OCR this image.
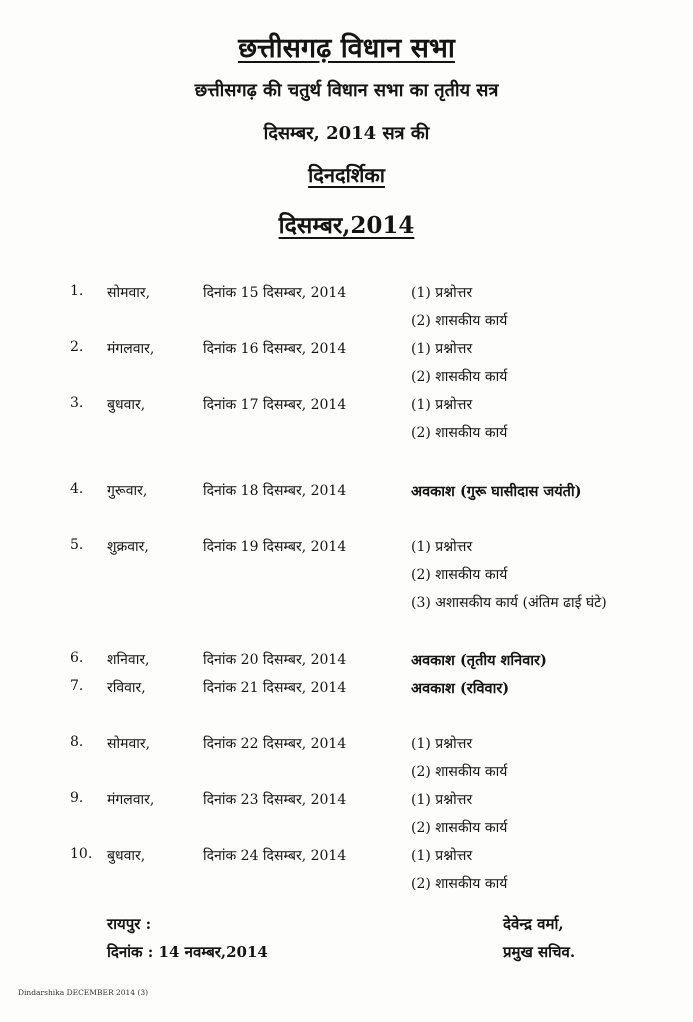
छत्तीसगढ़ विधान सभा
छत्तीसगढ़ की चतुर्थ विधान सभा का तृतीय सत्र
दिसम्बर, 2014 सत्र की
दिनदर्शिका
दिसम्बर,2014
1. सोमवार,	दिनांक 15 दिसम्बर, 2014	(1) प्रश्नोत्तर
(2) शासकीय कार्य
2. मंगलवार,	दिनांक 16 दिसम्बर, 2014	(1) प्रश्नोत्तर
(2) शासकीय कार्य
3. बुधवार,	दिनांक 17 दिसम्बर, 2014	(1) प्रश्नोत्तर
(2) शासकीय कार्य
4. गुरूवार,	दिनांक 18 दिसम्बर, 2014	अवकाश (गुरू घासीदास जयंती)
5. शुक्रवार,	दिनांक 19 दिसम्बर, 2014	(1) प्रश्नोत्तर
(2) शासकीय कार्य
(3) अशासकीय कार्य (अंतिम ढाई घंटे)
6. शनिवार,	दिनांक 20 दिसम्बर, 2014	अवकाश (तृतीय शनिवार)
7. रविवार,	दिनांक 21 दिसम्बर, 2014	अवकाश (रविवार)
8. सोमवार,	दिनांक 22 दिसम्बर, 2014	(1) प्रश्नोत्तर
(2) शासकीय कार्य
9. मंगलवार,	दिनांक 23 दिसम्बर, 2014	(1) प्रश्नोत्तर
(2) शासकीय कार्य
10. बुधवार,	दिनांक 24 दिसम्बर, 2014	(1) प्रश्नोत्तर
(2) शासकीय कार्य
रायपुर :
दिनांक : 14 नवम्बर,2014
देवेन्द्र वर्मा,
प्रमुख सचिव.
Dindarshika DECEMBER 2014 (3)
